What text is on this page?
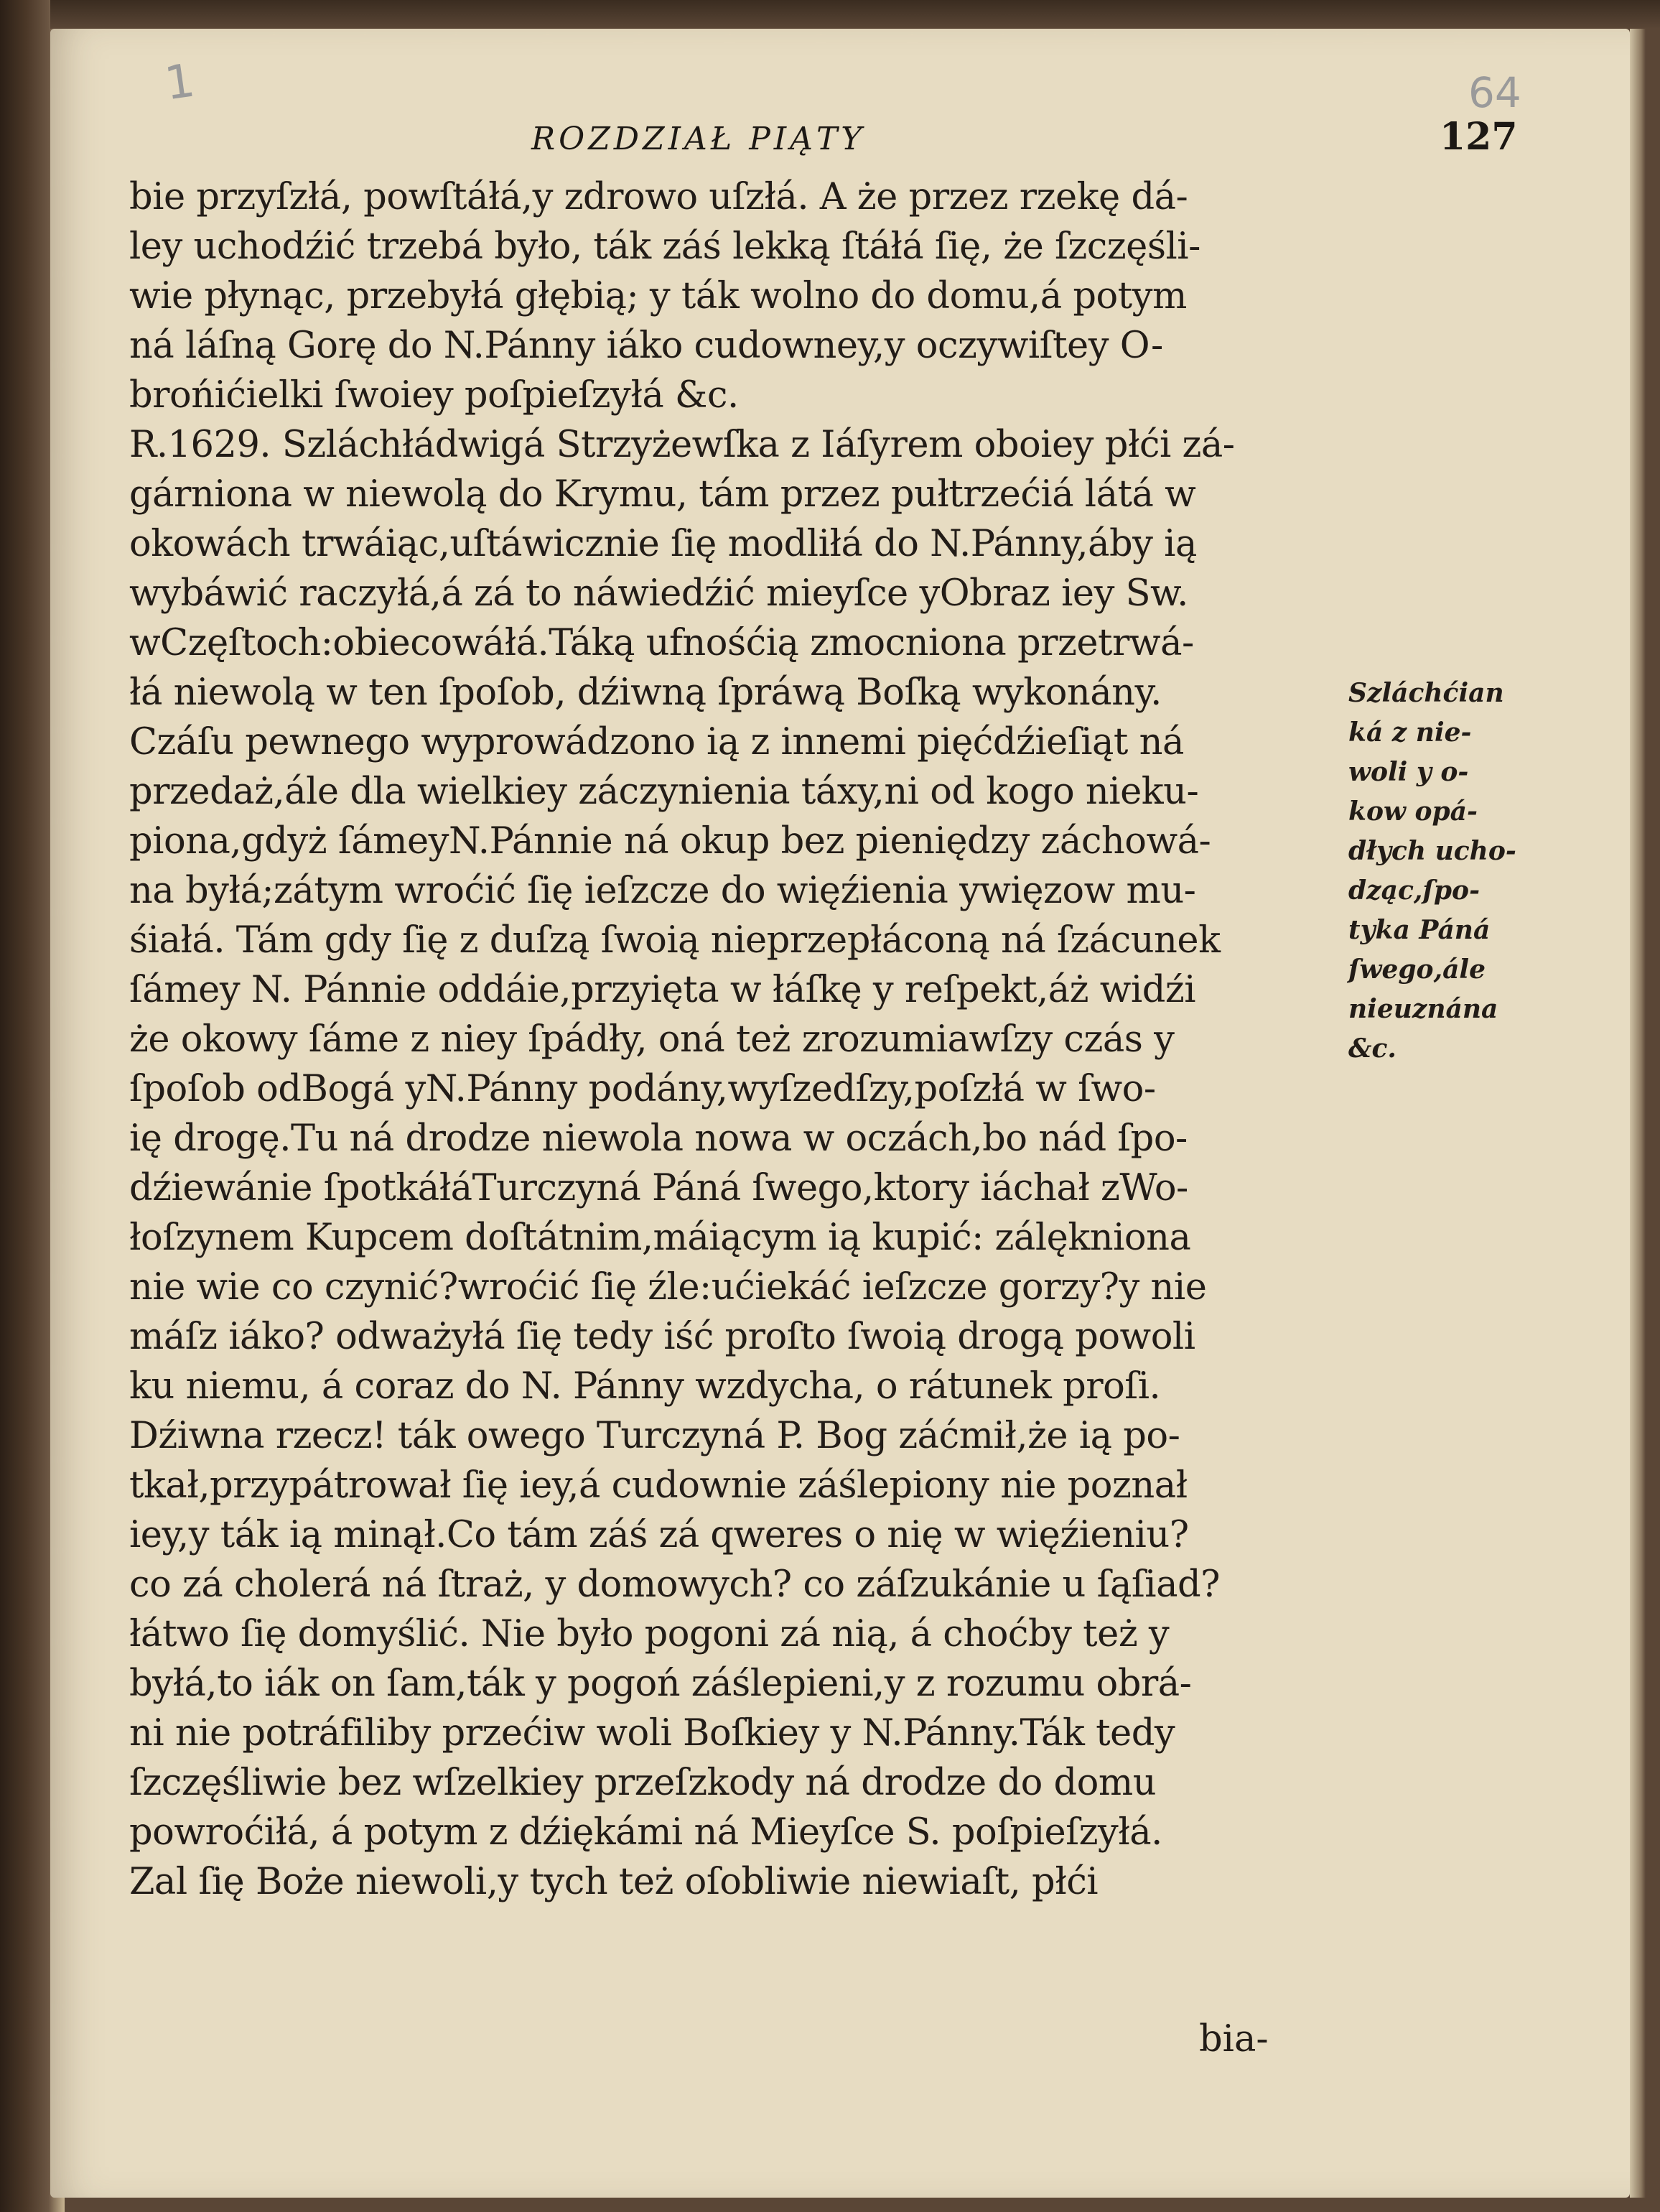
1	64
ROZDZIAŁ PIĄTY	127
bie przyſzłá, powſtáłá,y zdrowo uſzłá. A że przez rzekę dá-
ley uchodźić trzebá było, ták záś lekką ſtáłá ſię, że ſzczęśli-
wie płynąc, przebyłá głębią; y ták wolno do domu,á potym
ná láſną Gorę do N.Pánny iáko cudowney,y oczywiſtey O-
brońićielki ſwoiey poſpieſzyłá &c.
R.1629. Szláchłádwigá Strzyżewſka z Iáſyrem oboiey płći zá-
gárniona w niewolą do Krymu, tám przez pułtrzećiá látá w
okowách trwáiąc,uſtáwicznie ſię modliłá do N.Pánny,áby ią
wybáwić raczyłá,á zá to náwiedźić mieyſce yObraz iey Sw.
wCzęſtoch:obiecowáłá.Táką ufnośćią zmocniona przetrwá-
łá niewolą w ten ſpoſob, dźiwną ſpráwą Boſką wykonány.
Czáſu pewnego wyprowádzono ią z innemi pięćdźieſiąt ná
przedaż,ále dla wielkiey záczynienia táxy,ni od kogo nieku-
piona,gdyż ſámeyN.Pánnie ná okup bez pieniędzy záchowá-
na byłá;zátym wroćić ſię ieſzcze do więźienia ywięzow mu-
śiałá. Tám gdy ſię z duſzą ſwoią nieprzepłáconą ná ſzácunek
ſámey N. Pánnie oddáie,przyięta w łáſkę y reſpekt,áż widźi
że okowy ſáme z niey ſpádły, oná też zrozumiawſzy czás y
ſpoſob odBogá yN.Pánny podány,wyſzedſzy,poſzłá w ſwo-
ię drogę.Tu ná drodze niewola nowa w oczách,bo nád ſpo-
dźiewánie ſpotkáłáTurczyná Páná ſwego,ktory iáchał zWo-
łoſzynem Kupcem doſtátnim,máiącym ią kupić: zálękniona
nie wie co czynić?wroćić ſię źle:ućiekáć ieſzcze gorzy?y nie
máſz iáko? odważyłá ſię tedy iść proſto ſwoią drogą powoli
ku niemu, á coraz do N. Pánny wzdycha, o rátunek proſi.
Dźiwna rzecz! ták owego Turczyná P. Bog záćmił,że ią po-
tkał,przypátrował ſię iey,á cudownie záślepiony nie poznał
iey,y ták ią minął.Co tám záś zá qweres o nię w więźieniu?
co zá cholerá ná ſtraż, y domowych? co záſzukánie u ſąſiad?
łátwo ſię domyślić. Nie było pogoni zá nią, á choćby też y
byłá,to iák on ſam,ták y pogoń záślepieni,y z rozumu obrá-
ni nie potráfiliby przećiw woli Boſkiey y N.Pánny.Ták tedy
ſzczęśliwie bez wſzelkiey przeſzkody ná drodze do domu
powroćiłá, á potym z dźiękámi ná Mieyſce S. poſpieſzyłá.
Zal ſię Boże niewoli,y tych też oſobliwie niewiaſt, płći
Szláchćian
ká z nie-
woli y o-
kow opá-
dłych ucho-
dząc,ſpo-
tyka Páná
ſwego,ále
nieuznána
&c.
bia-
